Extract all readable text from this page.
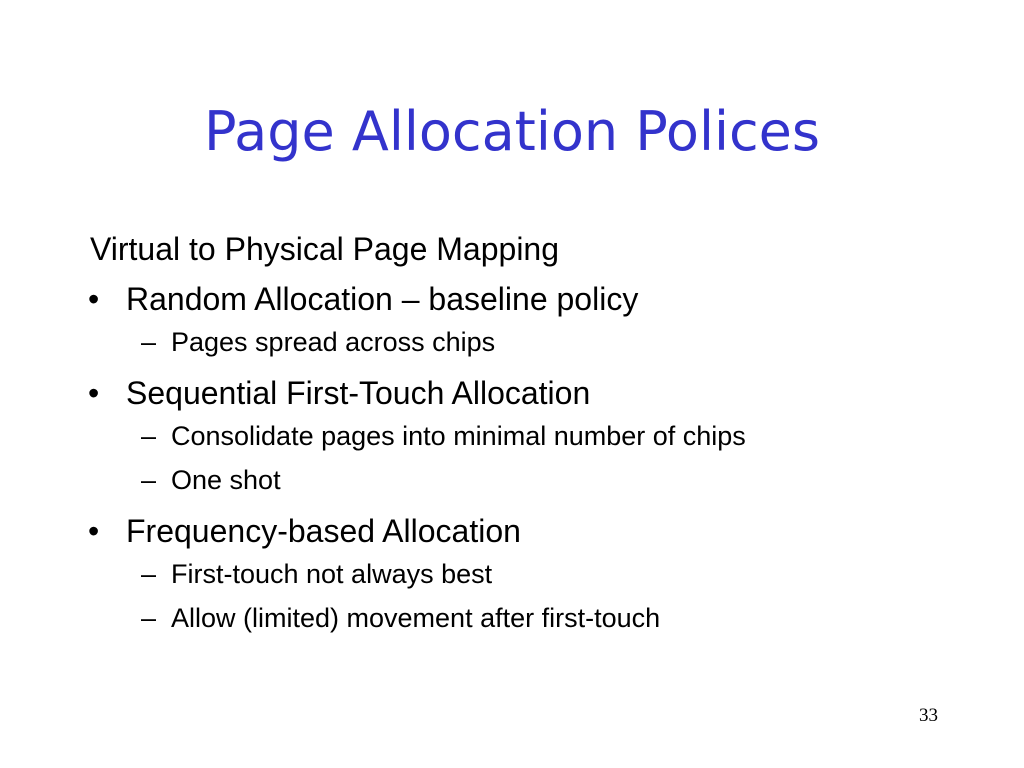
Page Allocation Polices
Virtual to Physical Page Mapping
• Random Allocation – baseline policy
– Pages spread across chips
• Sequential First-Touch Allocation
– Consolidate pages into minimal number of chips
– One shot
• Frequency-based Allocation
– First-touch not always best
– Allow (limited) movement after first-touch
33
